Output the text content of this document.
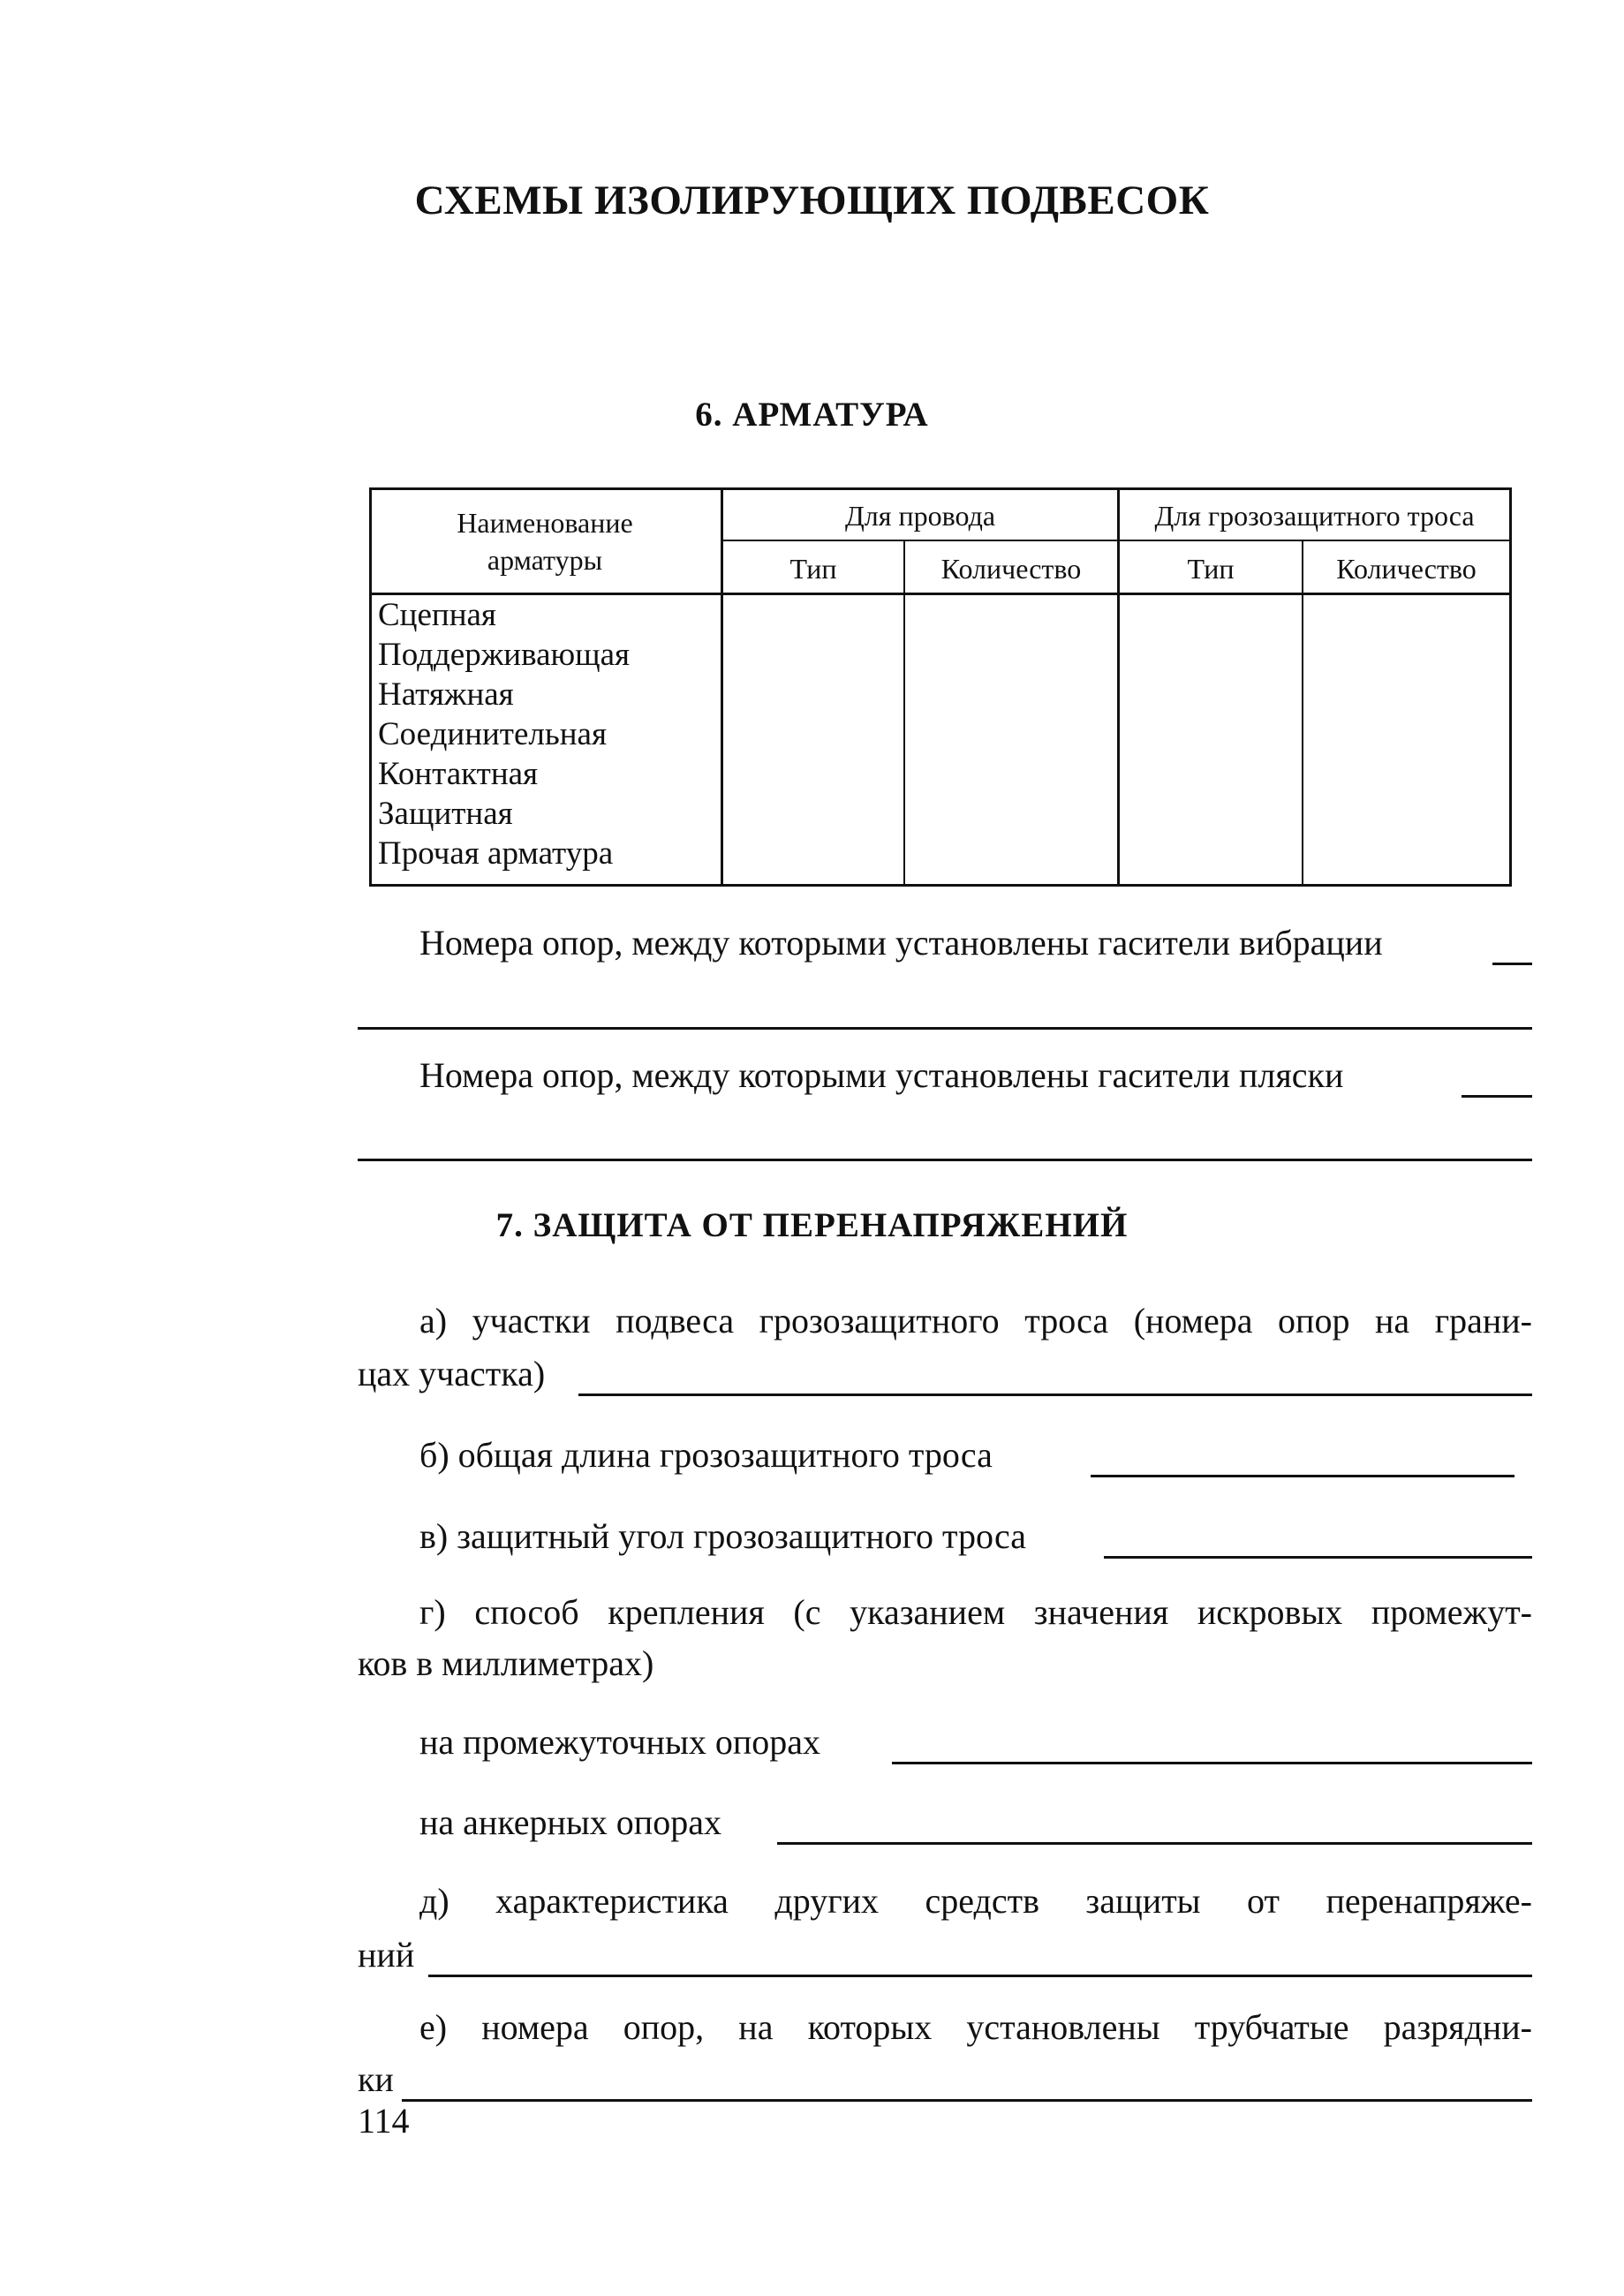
СХЕМЫ ИЗОЛИРУЮЩИХ ПОДВЕСОК
6. АРМАТУРА
Наименование
арматуры
Для провода	Для грозозащитного троса
Тип	Количество	Тип	Количество
Сцепная
Поддерживающая
Натяжная
Соединительная
Контактная
Защитная
Прочая арматура
Номера опор, между которыми установлены гасители вибрации
Номера опор, между которыми установлены гасители пляски
7. ЗАЩИТА ОТ ПЕРЕНАПРЯЖЕНИЙ
а) участки подвеса грозозащитного троса (номера опор на грани-
цах участка)
б) общая длина грозозащитного троса
в) защитный угол грозозащитного троса
г) способ крепления (с указанием значения искровых промежут-
ков в миллиметрах)
на промежуточных опорах
на анкерных опорах
д) характеристика других средств защиты от перенапряже-
ний
е) номера опор, на которых установлены трубчатые разрядни-
ки
114
